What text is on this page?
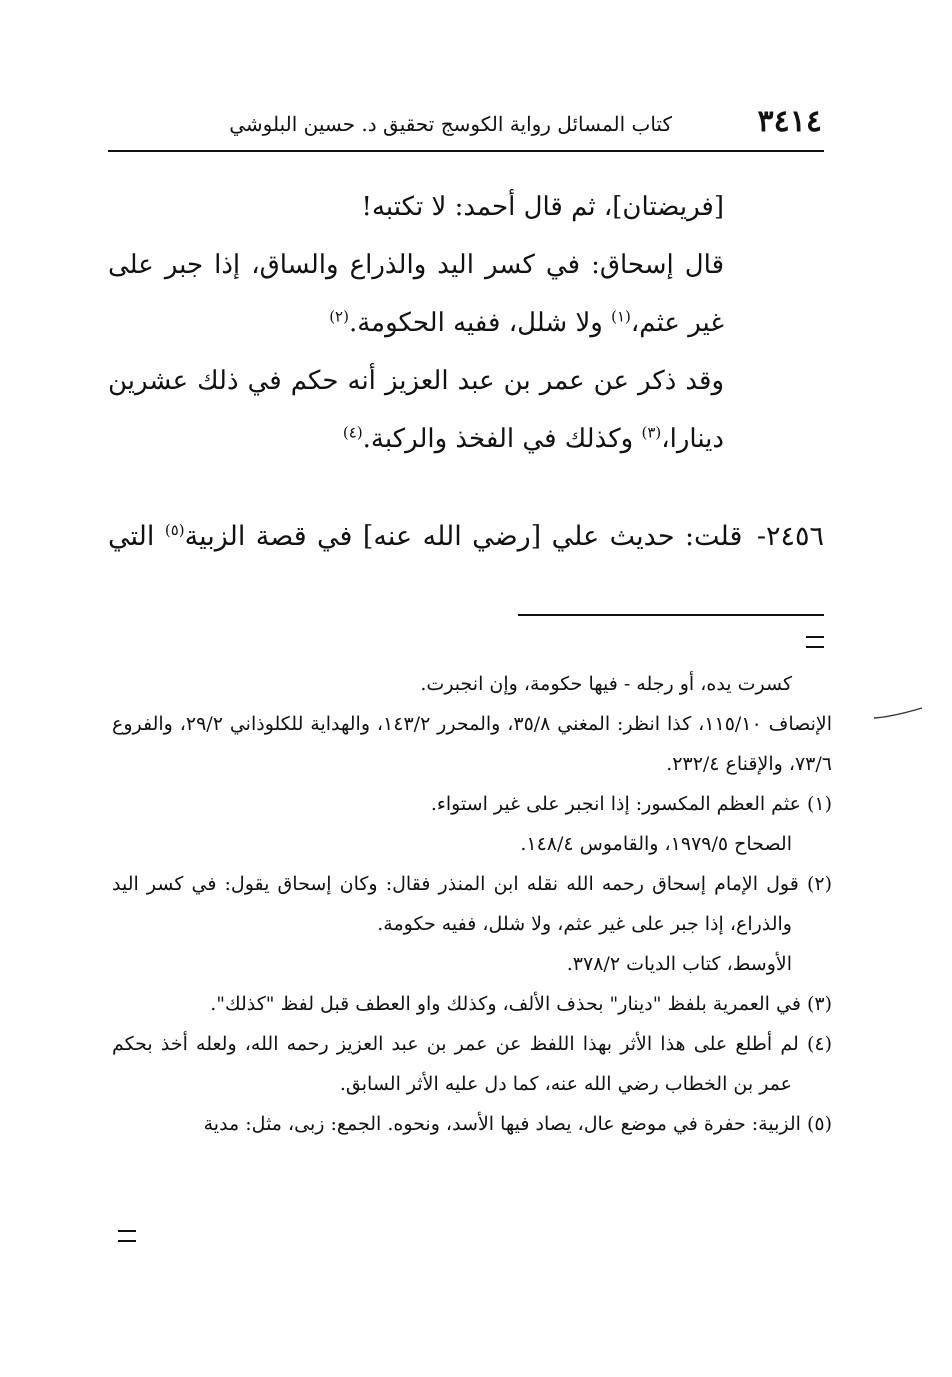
٣٤١٤
كتاب المسائل رواية الكوسج تحقيق د. حسين البلوشي

[فريضتان]، ثم قال أحمد: لا تكتبه!

قال إسحاق: في كسر اليد والذراع والساق، إذا جبر على غير عثم،$^{(١)}$ ولا شلل، ففيه الحكومة.$^{(٢)}$

وقد ذكر عن عمر بن عبد العزيز أنه حكم في ذلك عشرين دينارا،$^{(٣)}$ وكذلك في الفخذ والركبة.$^{(٤)}$

٢٤٥٦- قلت: حديث علي [رضي الله عنه] في قصة الزبية$^{(٥)}$ التي

كسرت يده، أو رجله - فيها حكومة، وإن انجبرت.

الإنصاف ١١٥/١٠، كذا انظر: المغني ٣٥/٨، والمحرر ١٤٣/٢، والهداية للكلوذاني ٢٩/٢، والفروع ٧٣/٦، والإقناع ٢٣٢/٤.

(١) عثم العظم المكسور: إذا انجبر على غير استواء.

الصحاح ١٩٧٩/٥، والقاموس ١٤٨/٤.

(٢) قول الإمام إسحاق رحمه الله نقله ابن المنذر فقال: وكان إسحاق يقول: في كسر اليد والذراع، إذا جبر على غير عثم، ولا شلل، ففيه حكومة.

الأوسط، كتاب الديات ٣٧٨/٢.

(٣) في العمرية بلفظ "دينار" بحذف الألف، وكذلك واو العطف قبل لفظ "كذلك".

(٤) لم أطلع على هذا الأثر بهذا اللفظ عن عمر بن عبد العزيز رحمه الله، ولعله أخذ بحكم عمر بن الخطاب رضي الله عنه، كما دل عليه الأثر السابق.

(٥) الزبية: حفرة في موضع عال، يصاد فيها الأسد، ونحوه. الجمع: زبى، مثل: مدية
